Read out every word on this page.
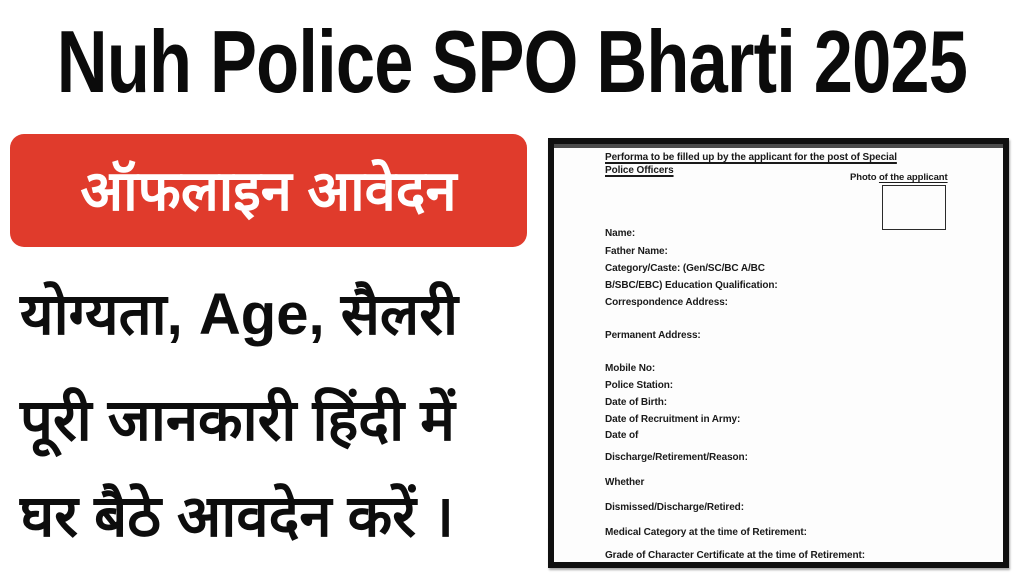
Nuh Police SPO Bharti 2025
ऑफलाइन आवेदन
योग्यता, Age, सैलरी
पूरी जानकारी हिंदी में
घर बैठे आवदेन करें ।
Performa to be filled up by the applicant for the post of Special
Police Officers
Photo of the applicant
Name:
Father Name:
Category/Caste: (Gen/SC/BC A/BC
B/SBC/EBC) Education Qualification:
Correspondence Address:
Permanent Address:
Mobile No:
Police Station:
Date of Birth:
Date of Recruitment in Army:
Date of
Discharge/Retirement/Reason:
Whether
Dismissed/Discharge/Retired:
Medical Category at the time of Retirement:
Grade of Character Certificate at the time of Retirement:
